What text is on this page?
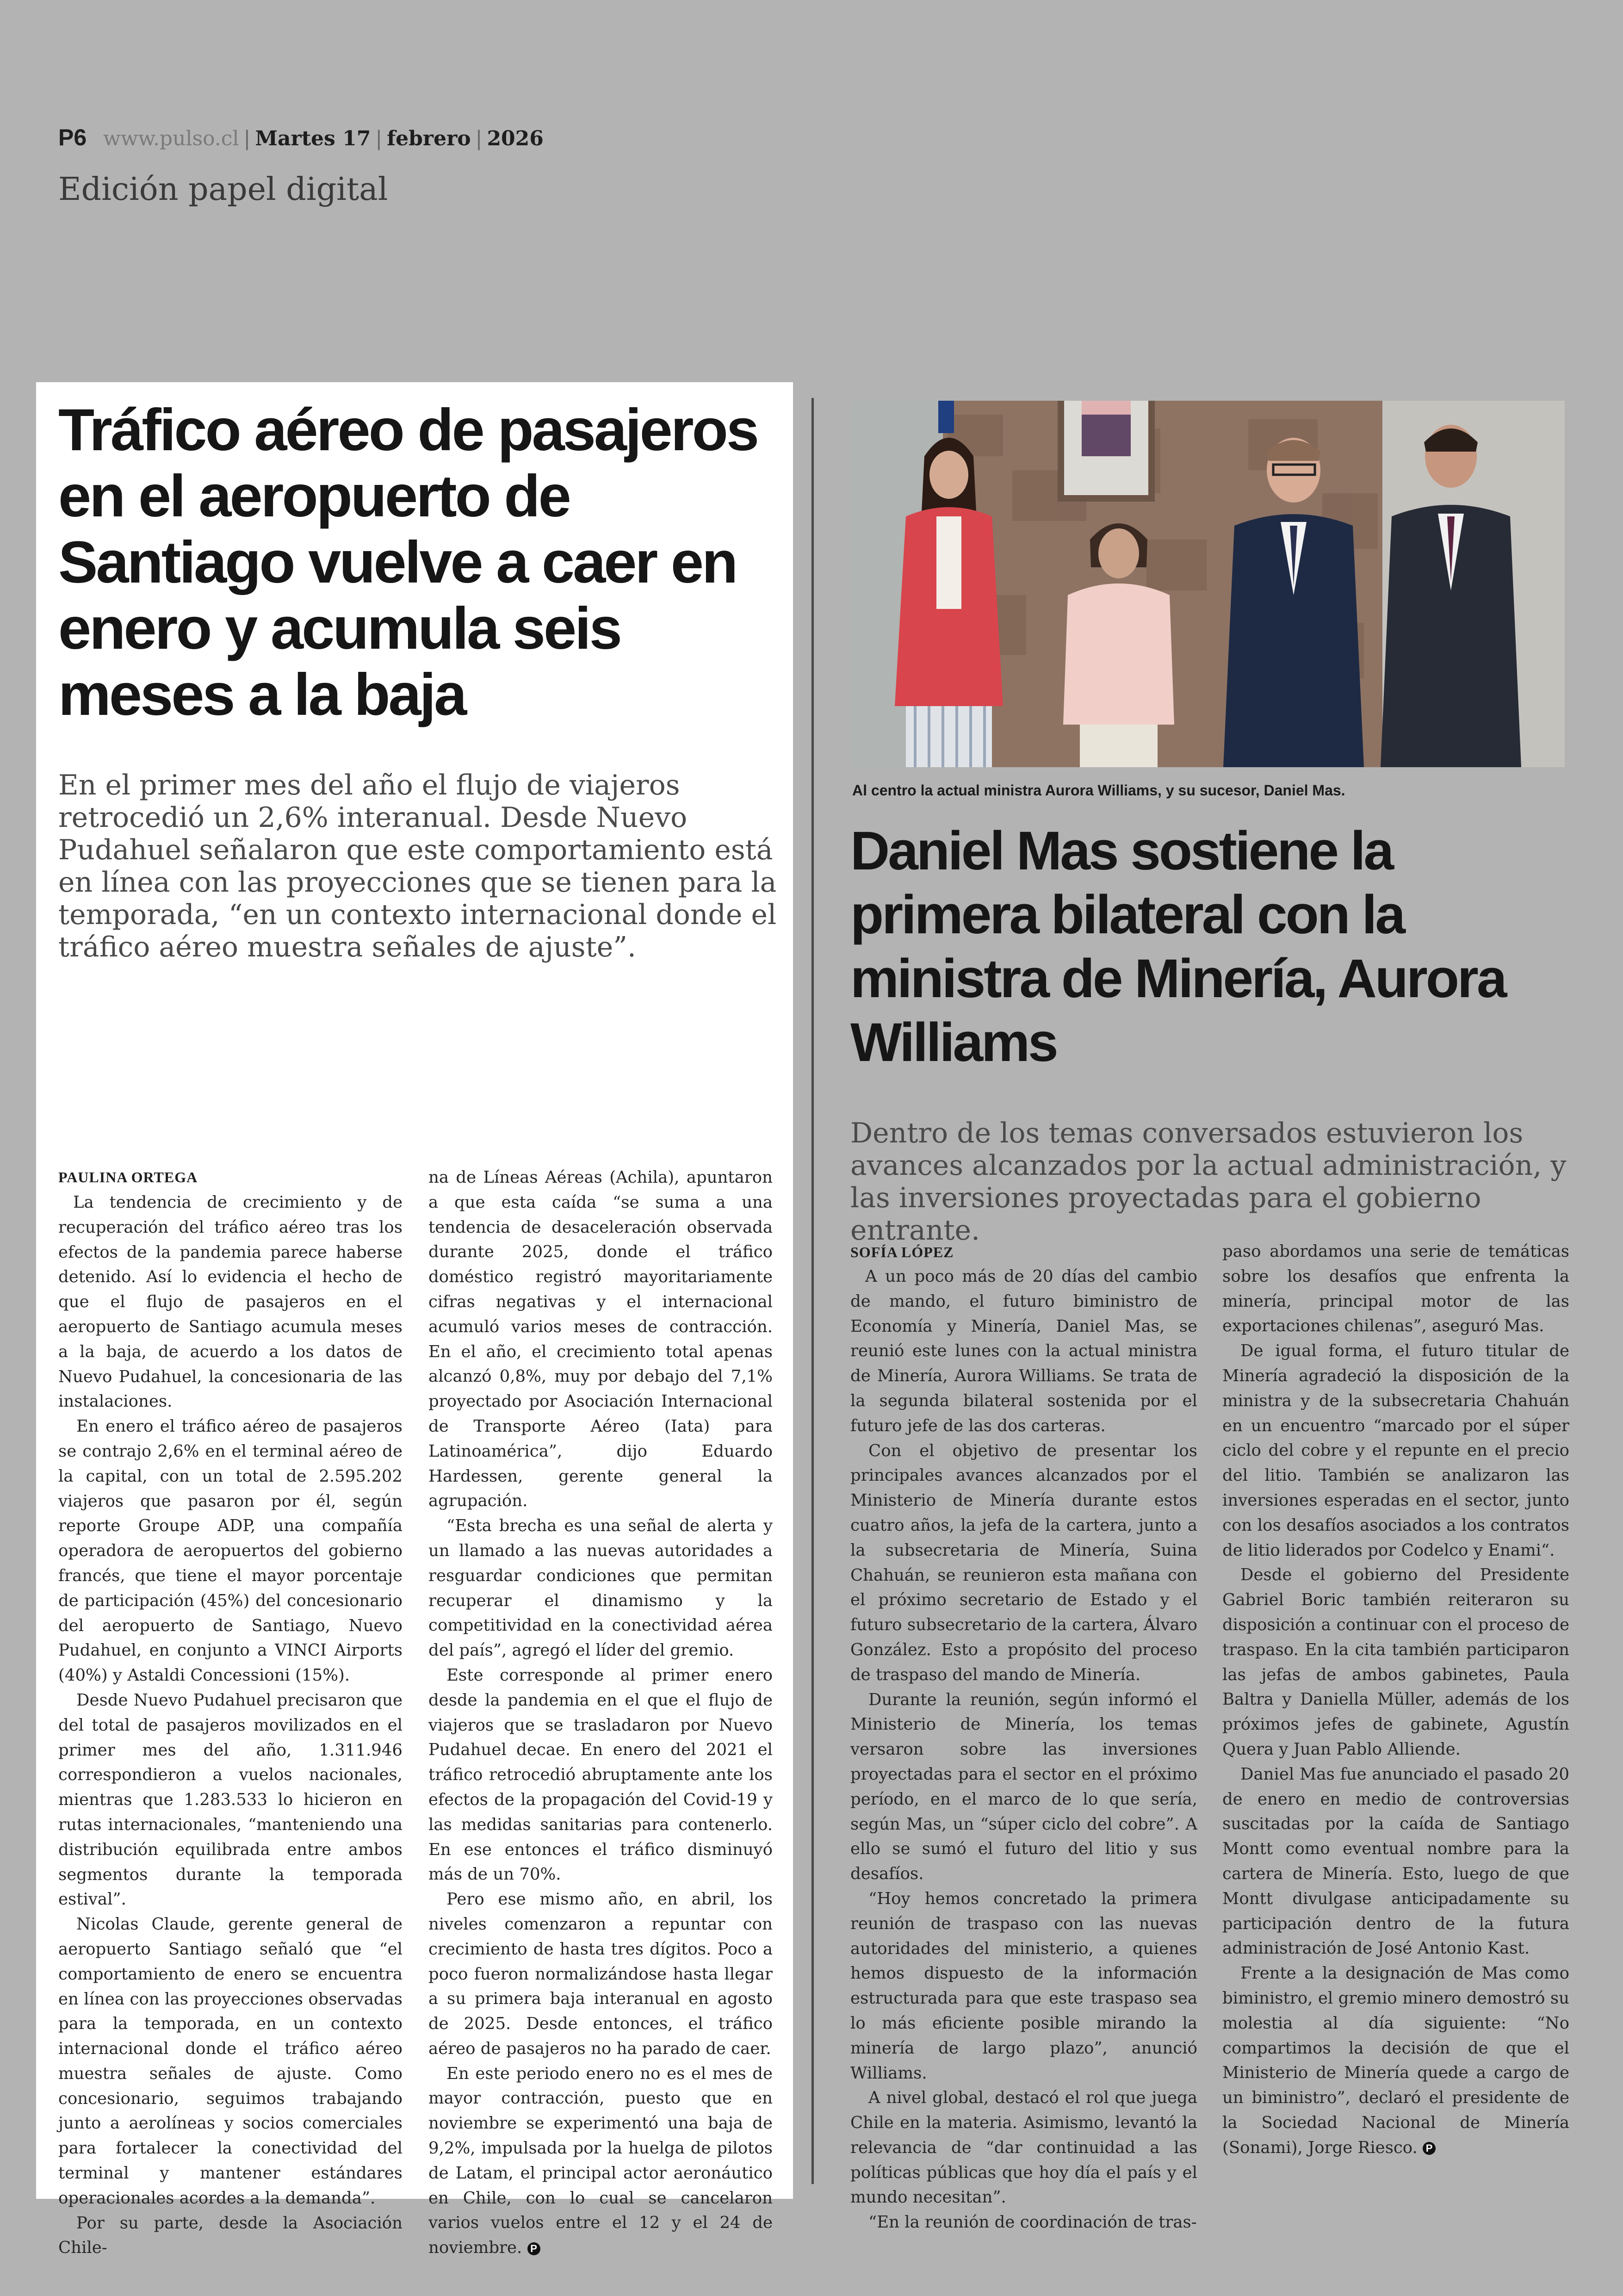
P6 www.pulso.cl | Martes 17 | febrero | 2026
Edición papel digital
Tráfico aéreo de pasajeros en el aeropuerto de Santiago vuelve a caer en enero y acumula seis meses a la baja

En el primer mes del año el flujo de viajeros retrocedió un 2,6% interanual. Desde Nuevo Pudahuel señalaron que este comportamiento está en línea con las proyecciones que se tienen para la temporada, “en un contexto internacional donde el tráfico aéreo muestra señales de ajuste”.

PAULINA ORTEGA

La tendencia de crecimiento y de recuperación del tráfico aéreo tras los efectos de la pandemia parece haberse detenido. Así lo evidencia el hecho de que el flujo de pasajeros en el aeropuerto de Santiago acumula meses a la baja, de acuerdo a los datos de Nuevo Pudahuel, la concesionaria de las instalaciones.

En enero el tráfico aéreo de pasajeros se contrajo 2,6% en el terminal aéreo de la capital, con un total de 2.595.202 viajeros que pasaron por él, según reporte Groupe ADP, una compañía operadora de aeropuertos del gobierno francés, que tiene el mayor porcentaje de participación (45%) del concesionario del aeropuerto de Santiago, Nuevo Pudahuel, en conjunto a VINCI Airports (40%) y Astaldi Concessioni (15%).

Desde Nuevo Pudahuel precisaron que del total de pasajeros movilizados en el primer mes del año, 1.311.946 correspondieron a vuelos nacionales, mientras que 1.283.533 lo hicieron en rutas internacionales, “manteniendo una distribución equilibrada entre ambos segmentos durante la temporada estival”.

Nicolas Claude, gerente general de aeropuerto Santiago señaló que “el comportamiento de enero se encuentra en línea con las proyecciones observadas para la temporada, en un contexto internacional donde el tráfico aéreo muestra señales de ajuste. Como concesionario, seguimos trabajando junto a aerolíneas y socios comerciales para fortalecer la conectividad del terminal y mantener estándares operacionales acordes a la demanda”.

Por su parte, desde la Asociación Chile-

na de Líneas Aéreas (Achila), apuntaron a que esta caída “se suma a una tendencia de desaceleración observada durante 2025, donde el tráfico doméstico registró mayoritariamente cifras negativas y el internacional acumuló varios meses de contracción. En el año, el crecimiento total apenas alcanzó 0,8%, muy por debajo del 7,1% proyectado por Asociación Internacional de Transporte Aéreo (Iata) para Latinoamérica”, dijo Eduardo Hardessen, gerente general la agrupación.

“Esta brecha es una señal de alerta y un llamado a las nuevas autoridades a resguardar condiciones que permitan recuperar el dinamismo y la competitividad en la conectividad aérea del país”, agregó el líder del gremio.

Este corresponde al primer enero desde la pandemia en el que el flujo de viajeros que se trasladaron por Nuevo Pudahuel decae. En enero del 2021 el tráfico retrocedió abruptamente ante los efectos de la propagación del Covid-19 y las medidas sanitarias para contenerlo. En ese entonces el tráfico disminuyó más de un 70%.

Pero ese mismo año, en abril, los niveles comenzaron a repuntar con crecimiento de hasta tres dígitos. Poco a poco fueron normalizándose hasta llegar a su primera baja interanual en agosto de 2025. Desde entonces, el tráfico aéreo de pasajeros no ha parado de caer.

En este periodo enero no es el mes de mayor contracción, puesto que en noviembre se experimentó una baja de 9,2%, impulsada por la huelga de pilotos de Latam, el principal actor aeronáutico en Chile, con lo cual se cancelaron varios vuelos entre el 12 y el 24 de noviembre. P

Al centro la actual ministra Aurora Williams, y su sucesor, Daniel Mas.
Daniel Mas sostiene la primera bilateral con la ministra de Minería, Aurora Williams

Dentro de los temas conversados estuvieron los avances alcanzados por la actual administración, y las inversiones proyectadas para el gobierno entrante.

SOFÍA LÓPEZ

A un poco más de 20 días del cambio de mando, el futuro biministro de Economía y Minería, Daniel Mas, se reunió este lunes con la actual ministra de Minería, Aurora Williams. Se trata de la segunda bilateral sostenida por el futuro jefe de las dos carteras.

Con el objetivo de presentar los principales avances alcanzados por el Ministerio de Minería durante estos cuatro años, la jefa de la cartera, junto a la subsecretaria de Minería, Suina Chahuán, se reunieron esta mañana con el próximo secretario de Estado y el futuro subsecretario de la cartera, Álvaro González. Esto a propósito del proceso de traspaso del mando de Minería.

Durante la reunión, según informó el Ministerio de Minería, los temas versaron sobre las inversiones proyectadas para el sector en el próximo período, en el marco de lo que sería, según Mas, un “súper ciclo del cobre”. A ello se sumó el futuro del litio y sus desafíos.

“Hoy hemos concretado la primera reunión de traspaso con las nuevas autoridades del ministerio, a quienes hemos dispuesto de la información estructurada para que este traspaso sea lo más eficiente posible mirando la minería de largo plazo”, anunció Williams.

A nivel global, destacó el rol que juega Chile en la materia. Asimismo, levantó la relevancia de “dar continuidad a las políticas públicas que hoy día el país y el mundo necesitan”.

“En la reunión de coordinación de tras-

paso abordamos una serie de temáticas sobre los desafíos que enfrenta la minería, principal motor de las exportaciones chilenas”, aseguró Mas.

De igual forma, el futuro titular de Minería agradeció la disposición de la ministra y de la subsecretaria Chahuán en un encuentro “marcado por el súper ciclo del cobre y el repunte en el precio del litio. También se analizaron las inversiones esperadas en el sector, junto con los desafíos asociados a los contratos de litio liderados por Codelco y Enami“.

Desde el gobierno del Presidente Gabriel Boric también reiteraron su disposición a continuar con el proceso de traspaso. En la cita también participaron las jefas de ambos gabinetes, Paula Baltra y Daniella Müller, además de los próximos jefes de gabinete, Agustín Quera y Juan Pablo Alliende.

Daniel Mas fue anunciado el pasado 20 de enero en medio de controversias suscitadas por la caída de Santiago Montt como eventual nombre para la cartera de Minería. Esto, luego de que Montt divulgase anticipadamente su participación dentro de la futura administración de José Antonio Kast.

Frente a la designación de Mas como biministro, el gremio minero demostró su molestia al día siguiente: “No compartimos la decisión de que el Ministerio de Minería quede a cargo de un biministro”, declaró el presidente de la Sociedad Nacional de Minería (Sonami), Jorge Riesco. P
